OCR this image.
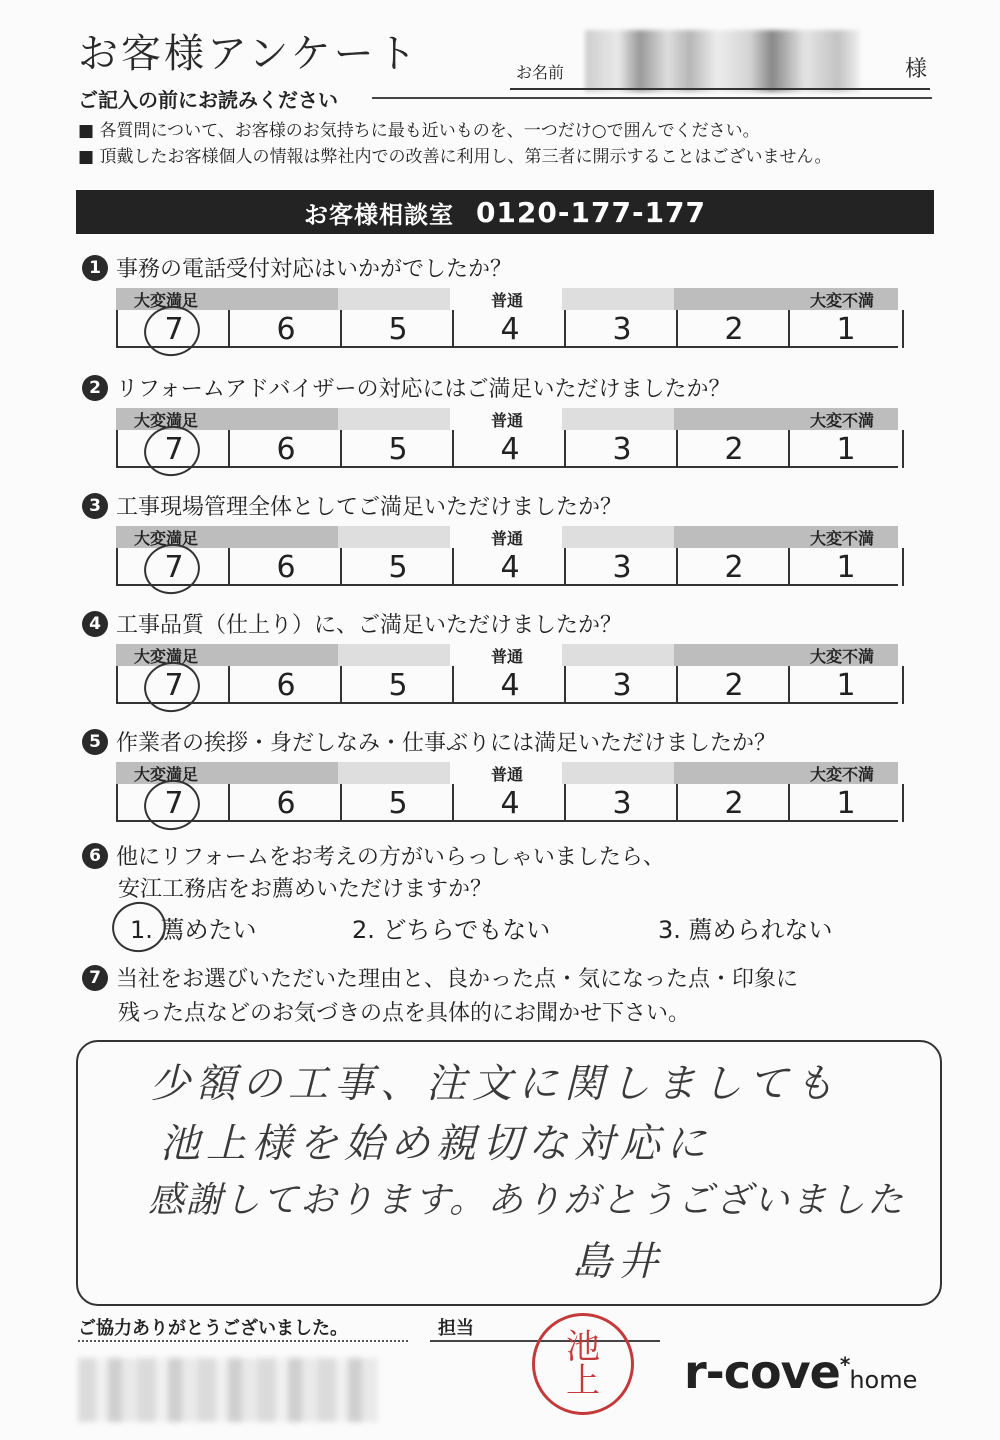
お客様アンケート	お名前	様
ご記入の前にお読みください
■ 各質問について、お客様のお気持ちに最も近いものを、一つだけ○で囲んでください。
■ 頂戴したお客様個人の情報は弊社内での改善に利用し、第三者に開示することはございません。
お客様相談室 0120-177-177
1 事務の電話受付対応はいかがでしたか？
大変満足	普通	大変不満
7	6	5	4	3	2	1
2 リフォームアドバイザーの対応にはご満足いただけましたか？
大変満足	普通	大変不満
7	6	5	4	3	2	1
3 工事現場管理全体としてご満足いただけましたか？
大変満足	普通	大変不満
7	6	5	4	3	2	1
4 工事品質（仕上り）に、ご満足いただけましたか？
大変満足	普通	大変不満
7	6	5	4	3	2	1
5 作業者の挨拶・身だしなみ・仕事ぶりには満足いただけましたか？
大変満足	普通	大変不満
7	6	5	4	3	2	1
6 他にリフォームをお考えの方がいらっしゃいましたら、
安江工務店をお薦めいただけますか？
1. 薦めたい	2. どちらでもない	3. 薦められない
7 当社をお選びいただいた理由と、良かった点・気になった点・印象に
残った点などのお気づきの点を具体的にお聞かせ下さい。
少額の工事、注文に関しましても
池上様を始め親切な対応に
感謝しております。ありがとうございました
島井
ご協力ありがとうございました。	担当	池
上 r-cove*home
